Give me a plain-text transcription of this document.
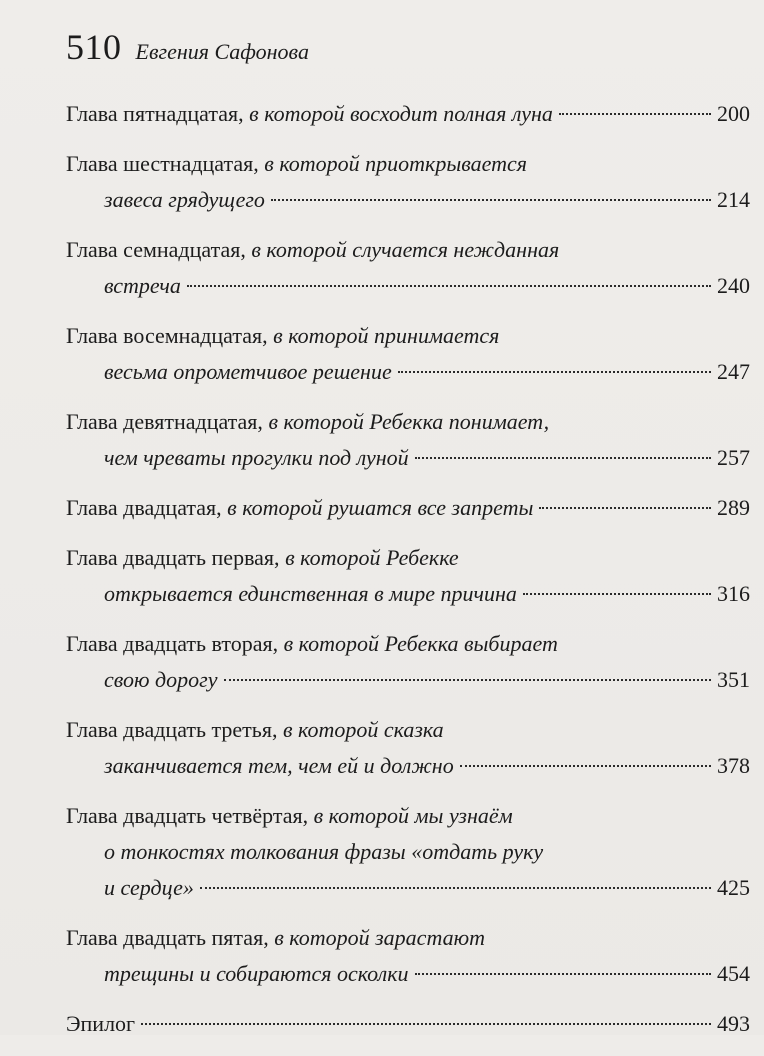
510 Евгения Сафонова
Глава пятнадцатая,
в которой восходит полная луна	200
Глава шестнадцатая,
в которой приоткрывается
завеса грядущего	214
Глава семнадцатая,
в которой случается нежданная
встреча	240
Глава восемнадцатая,
в которой принимается
весьма опрометчивое решение	247
Глава девятнадцатая,
в которой Ребекка понимает,
чем чреваты прогулки под луной	257
Глава двадцатая,
в которой рушатся все запреты	289
Глава двадцать первая,
в которой Ребекке
открывается единственная в мире причина	316
Глава двадцать вторая,
в которой Ребекка выбирает
свою дорогу	351
Глава двадцать третья,
в которой сказка
заканчивается тем, чем ей и должно	378
Глава двадцать четвёртая,
в которой мы узнаём
о тонкостях толкования фразы «отдать руку
и сердце»	425
Глава двадцать пятая,
в которой зарастают
трещины и собираются осколки	454
Эпилог	493
